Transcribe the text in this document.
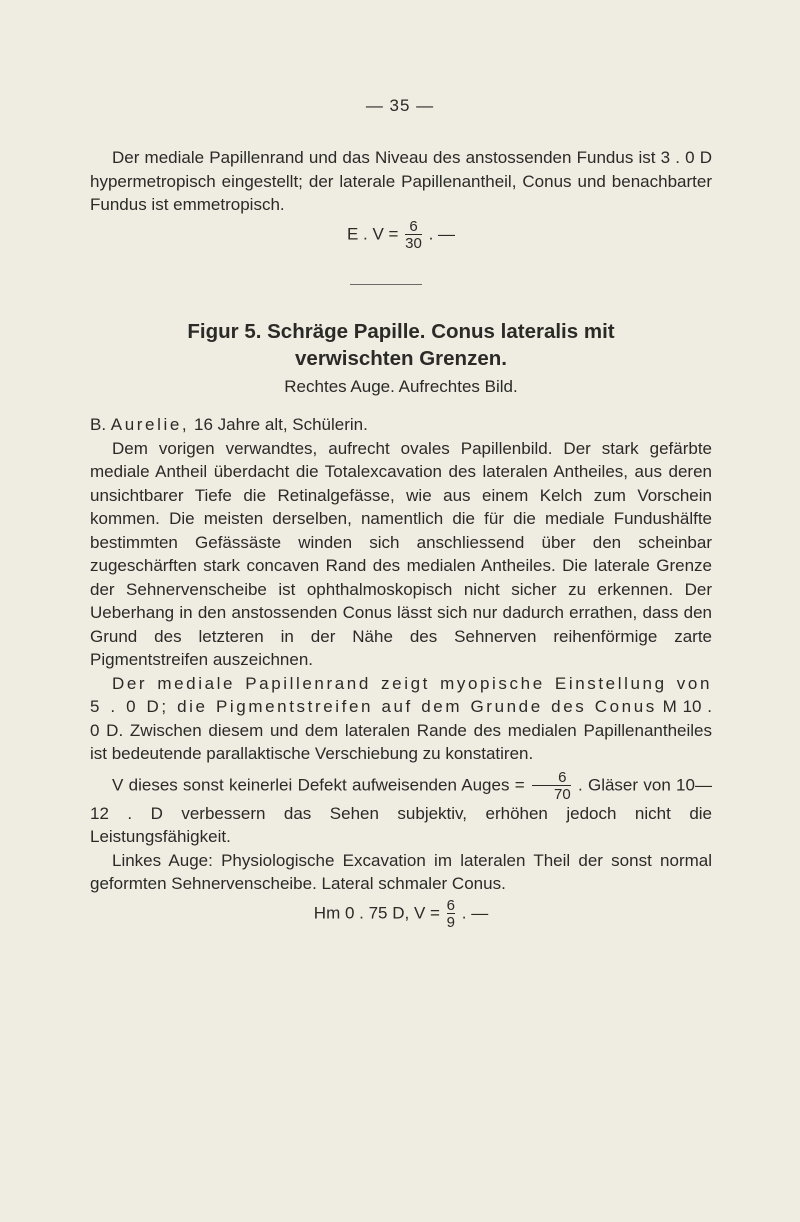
— 35 —

Der mediale Papillenrand und das Niveau des anstossenden Fundus ist 3 . 0 D hypermetropisch eingestellt; der laterale Papillenantheil, Conus und benachbarter Fundus ist emmetropisch.

E . $V = \frac{6}{30}$ . —

Figur 5. Schräge Papille. Conus lateralis mit
verwischten Grenzen.
Rechtes Auge. Aufrechtes Bild.

B. Aurelie, 16 Jahre alt, Schülerin.

Dem vorigen verwandtes, aufrecht ovales Papillenbild. Der stark gefärbte mediale Antheil überdacht die Totalexcavation des lateralen Antheiles, aus deren unsichtbarer Tiefe die Retinalgefässe, wie aus einem Kelch zum Vorschein kommen. Die meisten derselben, namentlich die für die mediale Fundushälfte bestimmten Gefässäste winden sich anschliessend über den scheinbar zugeschärften stark concaven Rand des medialen Antheiles. Die laterale Grenze der Sehnervenscheibe ist ophthalmoskopisch nicht sicher zu erkennen. Der Ueberhang in den anstossenden Conus lässt sich nur dadurch errathen, dass den Grund des letzteren in der Nähe des Sehnerven reihenförmige zarte Pigmentstreifen auszeichnen.

Der mediale Papillenrand zeigt myopische Einstellung von 5 . 0 D; die Pigmentstreifen auf dem Grunde des Conus M 10 . 0 D. Zwischen diesem und dem lateralen Rande des medialen Papillenantheiles ist bedeutende parallaktische Verschiebung zu konstatiren.

V dieses sonst keinerlei Defekt aufweisenden Auges = $\frac{6}{70}$ . Gläser von 10—12 . D verbessern das Sehen subjektiv, erhöhen jedoch nicht die Leistungsfähigkeit.

Linkes Auge: Physiologische Excavation im lateralen Theil der sonst normal geformten Sehnervenscheibe. Lateral schmaler Conus.

Hm 0 . 75 D, $V = \frac{6}{9}$ . —
